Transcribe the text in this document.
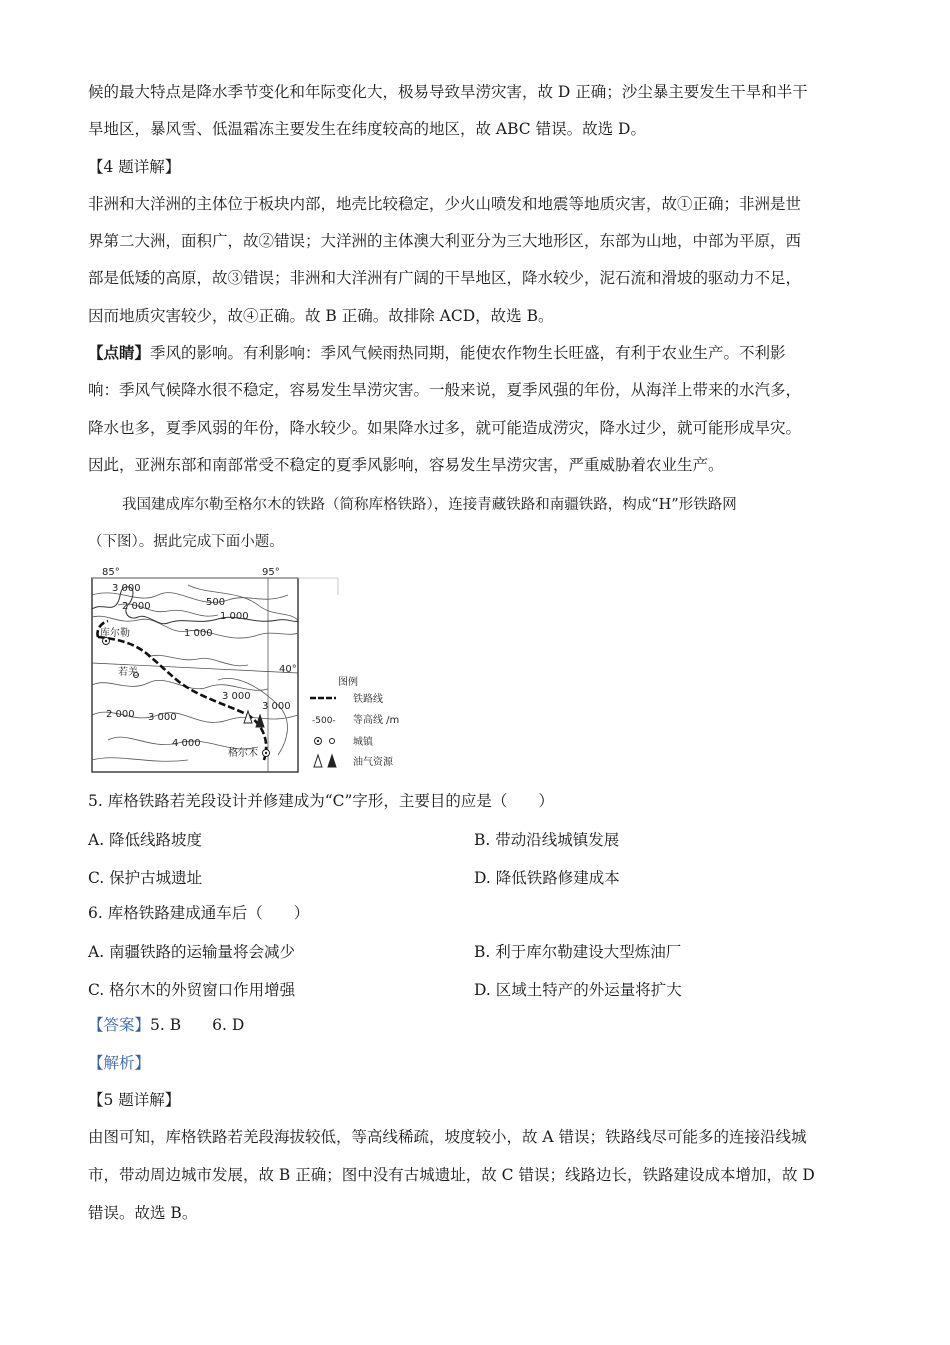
候的最大特点是降水季节变化和年际变化大，极易导致旱涝灾害，故 D 正确；沙尘暴主要发生干旱和半干
旱地区，暴风雪、低温霜冻主要发生在纬度较高的地区，故 ABC 错误。故选 D。
【4 题详解】
非洲和大洋洲的主体位于板块内部，地壳比较稳定，少火山喷发和地震等地质灾害，故①正确；非洲是世
界第二大洲，面积广，故②错误；大洋洲的主体澳大利亚分为三大地形区，东部为山地，中部为平原，西
部是低矮的高原，故③错误；非洲和大洋洲有广阔的干旱地区，降水较少，泥石流和滑坡的驱动力不足，
因而地质灾害较少，故④正确。故 B 正确。故排除 ACD，故选 B。
【点睛】季风的影响。有利影响：季风气候雨热同期，能使农作物生长旺盛，有利于农业生产。不利影
响：季风气候降水很不稳定，容易发生旱涝灾害。一般来说，夏季风强的年份，从海洋上带来的水汽多，
降水也多，夏季风弱的年份，降水较少。如果降水过多，就可能造成涝灾，降水过少，就可能形成旱灾。
因此，亚洲东部和南部常受不稳定的夏季风影响，容易发生旱涝灾害，严重威胁着农业生产。
我国建成库尔勒至格尔木的铁路（简称库格铁路），连接青藏铁路和南疆铁路，构成“H”形铁路网
（下图）。据此完成下面小题。
85°	95°
40°
3 000
2 000	500
1 000
1 000
3 000
3 000
2 000 3 000
4 000
库尔勒
若羌
格尔木
图例
铁路线
-500- 等高线 /m
城镇
油气资源
5. 库格铁路若羌段设计并修建成为“C”字形，主要目的应是（　　）
A. 降低线路坡度	B. 带动沿线城镇发展
C. 保护古城遗址	D. 降低铁路修建成本
6. 库格铁路建成通车后（　　）
A. 南疆铁路的运输量将会减少	B. 利于库尔勒建设大型炼油厂
C. 格尔木的外贸窗口作用增强	D. 区域土特产的外运量将扩大
【答案】5. B　　6. D
【解析】
【5 题详解】
由图可知，库格铁路若羌段海拔较低，等高线稀疏，坡度较小，故 A 错误；铁路线尽可能多的连接沿线城
市，带动周边城市发展，故 B 正确；图中没有古城遗址，故 C 错误；线路边长，铁路建设成本增加，故 D
错误。故选 B。
